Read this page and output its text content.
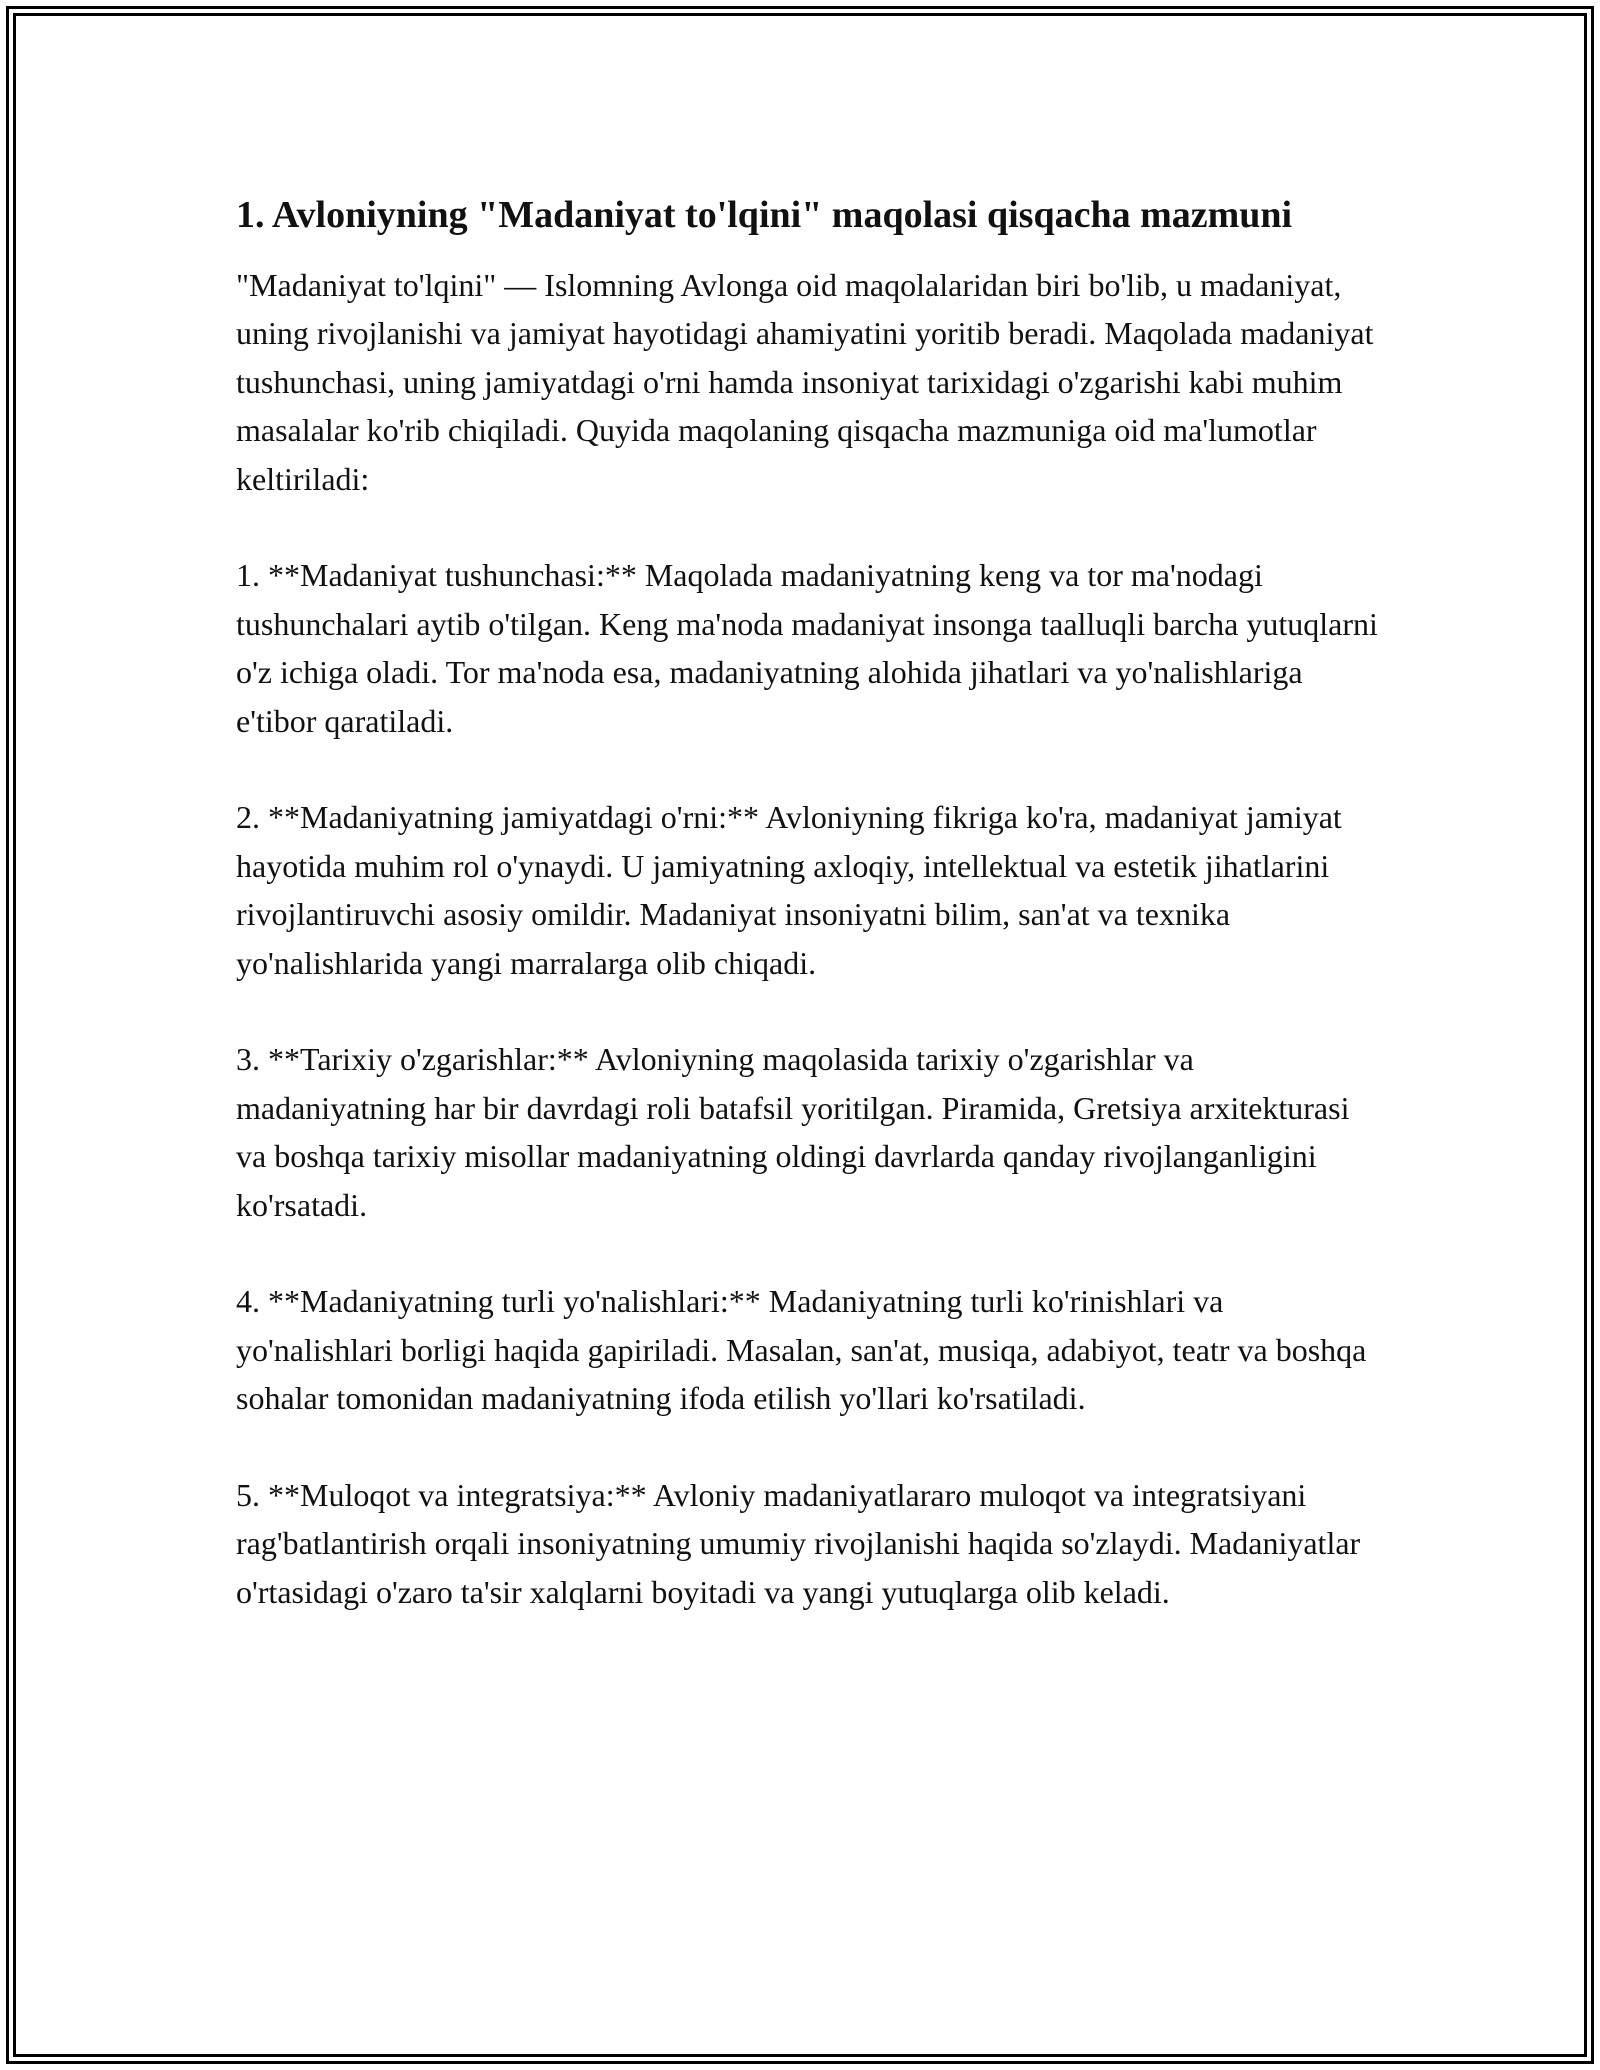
1. Avloniyning "Madaniyat to'lqini" maqolasi qisqacha mazmuni

"Madaniyat to'lqini" — Islomning Avlonga oid maqolalaridan biri bo'lib, u madaniyat, uning rivojlanishi va jamiyat hayotidagi ahamiyatini yoritib beradi. Maqolada madaniyat tushunchasi, uning jamiyatdagi o'rni hamda insoniyat tarixidagi o'zgarishi kabi muhim masalalar ko'rib chiqiladi. Quyida maqolaning qisqacha mazmuniga oid ma'lumotlar keltiriladi:

1. **Madaniyat tushunchasi:** Maqolada madaniyatning keng va tor ma'nodagi tushunchalari aytib o'tilgan. Keng ma'noda madaniyat insonga taalluqli barcha yutuqlarni o'z ichiga oladi. Tor ma'noda esa, madaniyatning alohida jihatlari va yo'nalishlariga e'tibor qaratiladi.

2. **Madaniyatning jamiyatdagi o'rni:** Avloniyning fikriga ko'ra, madaniyat jamiyat hayotida muhim rol o'ynaydi. U jamiyatning axloqiy, intellektual va estetik jihatlarini rivojlantiruvchi asosiy omildir. Madaniyat insoniyatni bilim, san'at va texnika yo'nalishlarida yangi marralarga olib chiqadi.

3. **Tarixiy o'zgarishlar:** Avloniyning maqolasida tarixiy o'zgarishlar va madaniyatning har bir davrdagi roli batafsil yoritilgan. Piramida, Gretsiya arxitekturasi va boshqa tarixiy misollar madaniyatning oldingi davrlarda qanday rivojlanganligini ko'rsatadi.

4. **Madaniyatning turli yo'nalishlari:** Madaniyatning turli ko'rinishlari va yo'nalishlari borligi haqida gapiriladi. Masalan, san'at, musiqa, adabiyot, teatr va boshqa sohalar tomonidan madaniyatning ifoda etilish yo'llari ko'rsatiladi.

5. **Muloqot va integratsiya:** Avloniy madaniyatlararo muloqot va integratsiyani rag'batlantirish orqali insoniyatning umumiy rivojlanishi haqida so'zlaydi. Madaniyatlar o'rtasidagi o'zaro ta'sir xalqlarni boyitadi va yangi yutuqlarga olib keladi.
